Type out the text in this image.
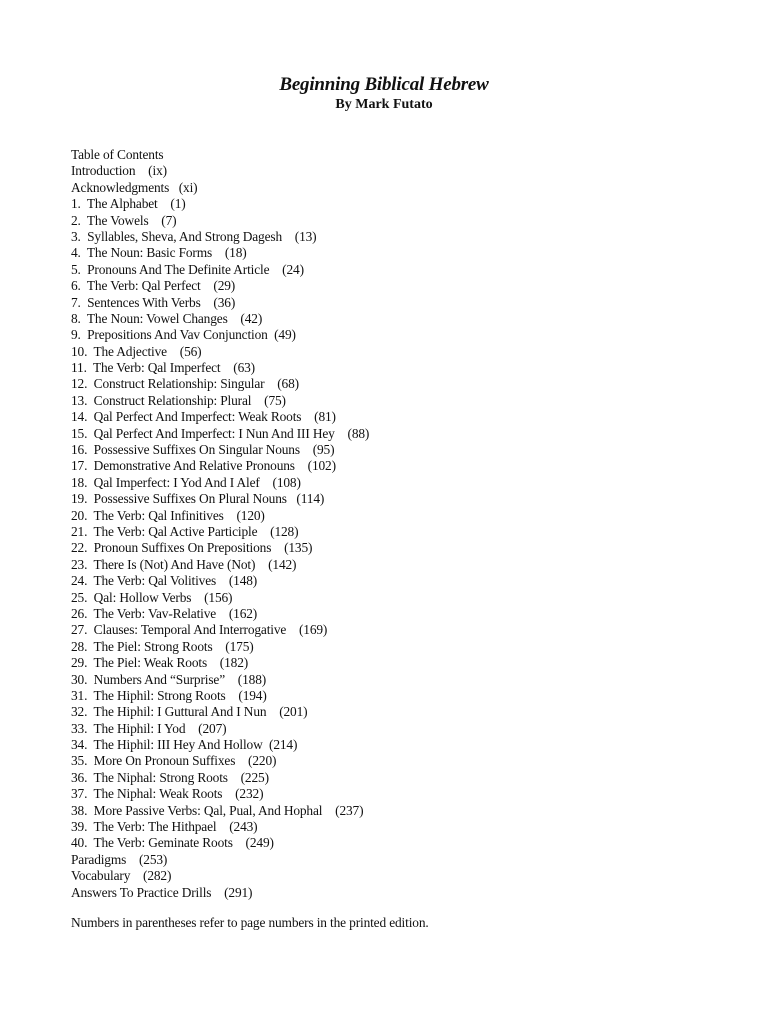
Beginning Biblical Hebrew
By Mark Futato
Table of Contents
Introduction    (ix)
Acknowledgments   (xi)
1.  The Alphabet    (1)
2.  The Vowels    (7)
3.  Syllables, Sheva, And Strong Dagesh    (13)
4.  The Noun: Basic Forms    (18)
5.  Pronouns And The Definite Article    (24)
6.  The Verb: Qal Perfect    (29)
7.  Sentences With Verbs    (36)
8.  The Noun: Vowel Changes    (42)
9.  Prepositions And Vav Conjunction  (49)
10.  The Adjective    (56)
11.  The Verb: Qal Imperfect    (63)
12.  Construct Relationship: Singular    (68)
13.  Construct Relationship: Plural    (75)
14.  Qal Perfect And Imperfect: Weak Roots    (81)
15.  Qal Perfect And Imperfect: I Nun And III Hey    (88)
16.  Possessive Suffixes On Singular Nouns    (95)
17.  Demonstrative And Relative Pronouns    (102)
18.  Qal Imperfect: I Yod And I Alef    (108)
19.  Possessive Suffixes On Plural Nouns   (114)
20.  The Verb: Qal Infinitives    (120)
21.  The Verb: Qal Active Participle    (128)
22.  Pronoun Suffixes On Prepositions    (135)
23.  There Is (Not) And Have (Not)    (142)
24.  The Verb: Qal Volitives    (148)
25.  Qal: Hollow Verbs    (156)
26.  The Verb: Vav-Relative    (162)
27.  Clauses: Temporal And Interrogative    (169)
28.  The Piel: Strong Roots    (175)
29.  The Piel: Weak Roots    (182)
30.  Numbers And “Surprise”    (188)
31.  The Hiphil: Strong Roots    (194)
32.  The Hiphil: I Guttural And I Nun    (201)
33.  The Hiphil: I Yod    (207)
34.  The Hiphil: III Hey And Hollow  (214)
35.  More On Pronoun Suffixes    (220)
36.  The Niphal: Strong Roots    (225)
37.  The Niphal: Weak Roots    (232)
38.  More Passive Verbs: Qal, Pual, And Hophal    (237)
39.  The Verb: The Hithpael    (243)
40.  The Verb: Geminate Roots    (249)
Paradigms    (253)
Vocabulary    (282)
Answers To Practice Drills    (291)
Numbers in parentheses refer to page numbers in the printed edition.
